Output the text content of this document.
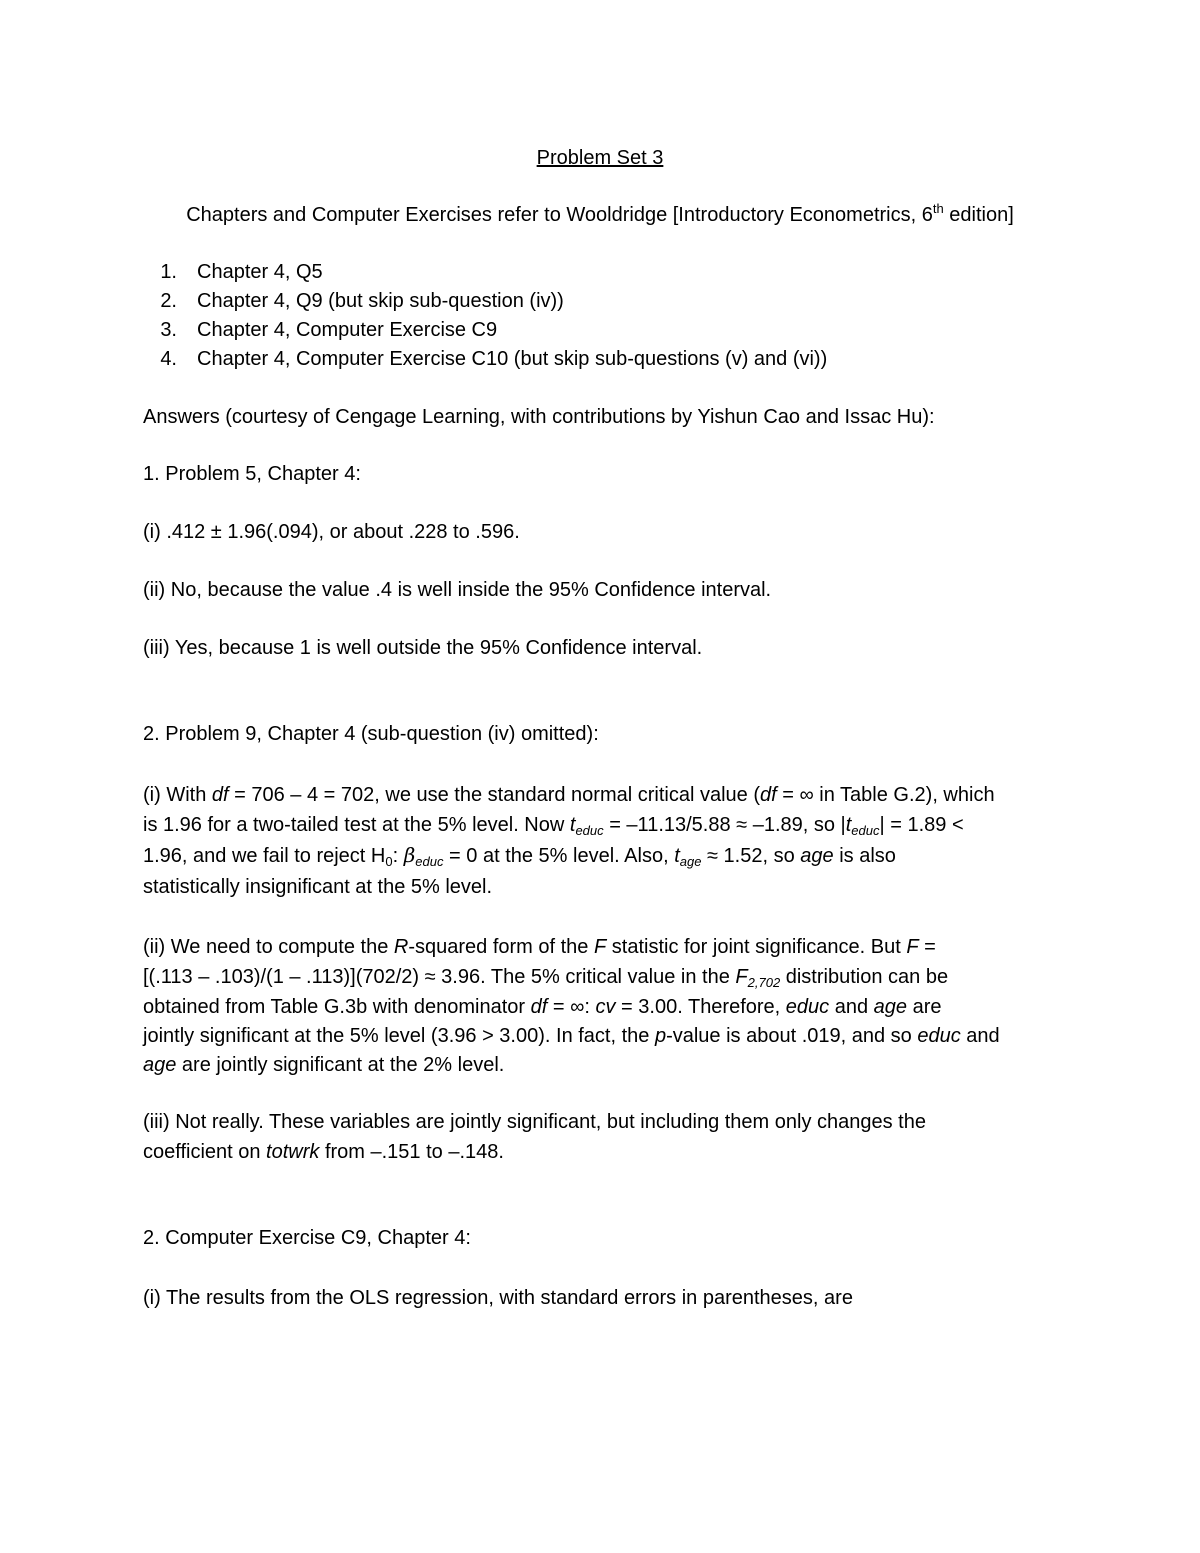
Problem Set 3
Chapters and Computer Exercises refer to Wooldridge [Introductory Econometrics, 6th edition]
1. Chapter 4, Q5
2. Chapter 4, Q9 (but skip sub-question (iv))
3. Chapter 4, Computer Exercise C9
4. Chapter 4, Computer Exercise C10 (but skip sub-questions (v) and (vi))
Answers (courtesy of Cengage Learning, with contributions by Yishun Cao and Issac Hu):
1. Problem 5, Chapter 4:
(i) .412 ± 1.96(.094), or about .228 to .596.
(ii) No, because the value .4 is well inside the 95% Confidence interval.
(iii) Yes, because 1 is well outside the 95% Confidence interval.
2. Problem 9, Chapter 4 (sub-question (iv) omitted):
(i) With df = 706 – 4 = 702, we use the standard normal critical value (df = ∞ in Table G.2), which
is 1.96 for a two-tailed test at the 5% level. Now $t_{educ} = -11.13/5.88 \approx -1.89$, so $|t_{educ}| = 1.89$ <
1.96, and we fail to reject $H_0$: $\beta_{educ} = 0$ at the 5% level. Also, $t_{age} \approx 1.52$, so age is also
statistically insignificant at the 5% level.
(ii) We need to compute the R-squared form of the F statistic for joint significance. But F =
[(.113 – .103)/(1 – .113)](702/2) ≈ 3.96. The 5% critical value in the $F_{2,702}$ distribution can be
obtained from Table G.3b with denominator df = ∞: cv = 3.00. Therefore, educ and age are
jointly significant at the 5% level (3.96 > 3.00). In fact, the p-value is about .019, and so educ and
age are jointly significant at the 2% level.
(iii) Not really. These variables are jointly significant, but including them only changes the
coefficient on totwrk from –.151 to –.148.
2. Computer Exercise C9, Chapter 4:
(i) The results from the OLS regression, with standard errors in parentheses, are
